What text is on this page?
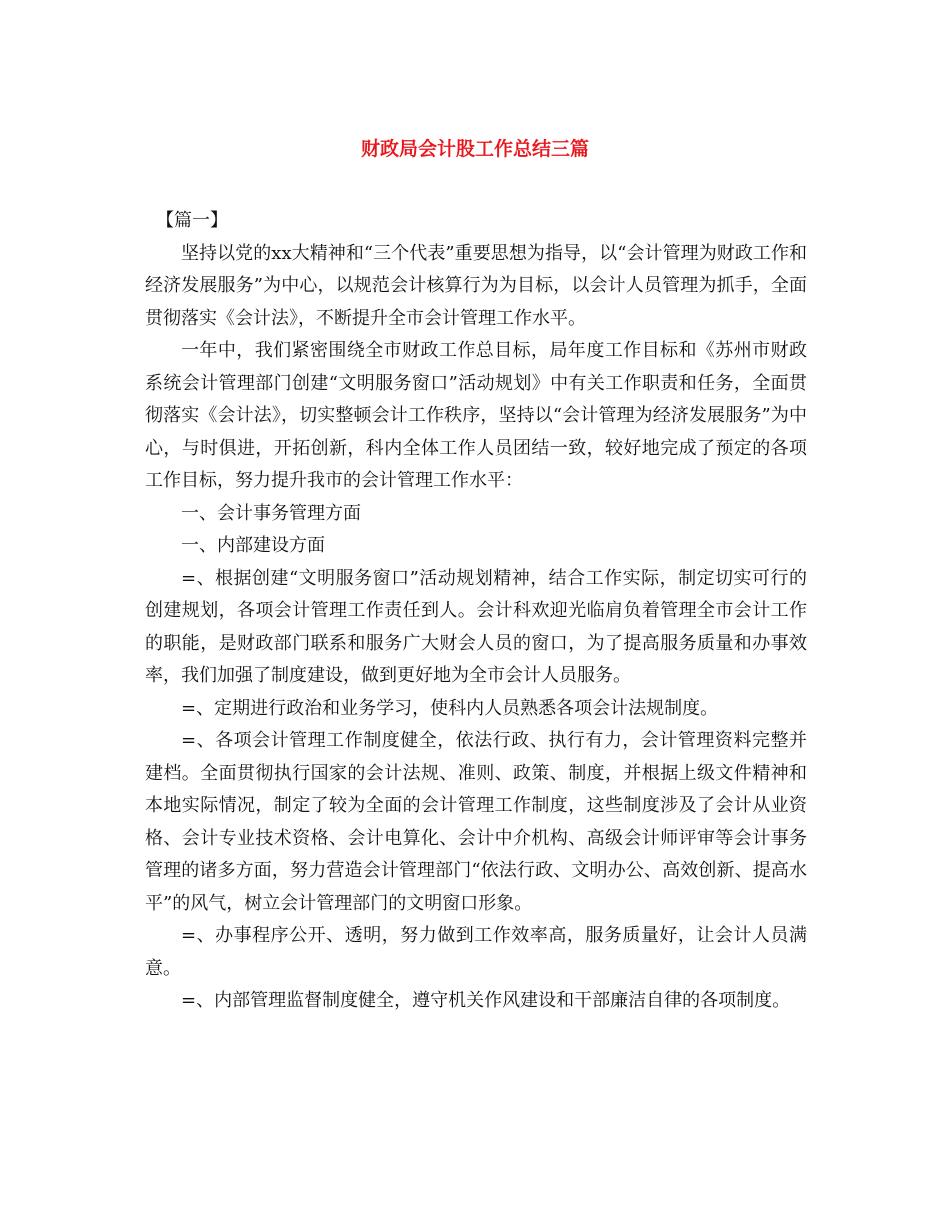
财政局会计股工作总结三篇

【篇一】

坚持以党的xx大精神和“三个代表”重要思想为指导，以“会计管理为财政工作和经济发展服务”为中心，以规范会计核算行为为目标，以会计人员管理为抓手，全面贯彻落实《会计法》，不断提升全市会计管理工作水平。

一年中，我们紧密围绕全市财政工作总目标，局年度工作目标和《苏州市财政系统会计管理部门创建“文明服务窗口”活动规划》中有关工作职责和任务，全面贯彻落实《会计法》，切实整顿会计工作秩序，坚持以“会计管理为经济发展服务”为中心，与时俱进，开拓创新，科内全体工作人员团结一致，较好地完成了预定的各项工作目标，努力提升我市的会计管理工作水平：

一、会计事务管理方面

一、内部建设方面

=、根据创建“文明服务窗口”活动规划精神，结合工作实际，制定切实可行的创建规划，各项会计管理工作责任到人。会计科欢迎光临肩负着管理全市会计工作的职能，是财政部门联系和服务广大财会人员的窗口，为了提高服务质量和办事效率，我们加强了制度建设，做到更好地为全市会计人员服务。

=、定期进行政治和业务学习，使科内人员熟悉各项会计法规制度。

=、各项会计管理工作制度健全，依法行政、执行有力，会计管理资料完整并建档。全面贯彻执行国家的会计法规、准则、政策、制度，并根据上级文件精神和本地实际情况，制定了较为全面的会计管理工作制度，这些制度涉及了会计从业资格、会计专业技术资格、会计电算化、会计中介机构、高级会计师评审等会计事务管理的诸多方面，努力营造会计管理部门“依法行政、文明办公、高效创新、提高水平”的风气，树立会计管理部门的文明窗口形象。

=、办事程序公开、透明，努力做到工作效率高，服务质量好，让会计人员满意。

=、内部管理监督制度健全，遵守机关作风建设和干部廉洁自律的各项制度。
